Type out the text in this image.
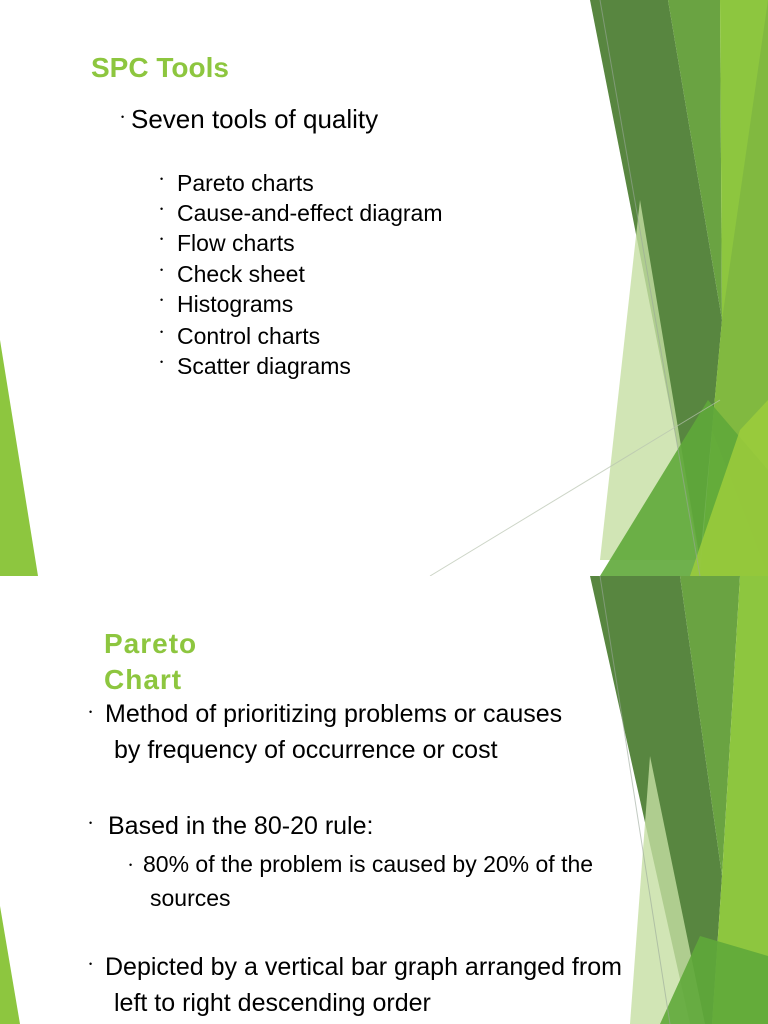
SPC Tools
• Seven tools of quality
• Pareto charts
• Cause-and-effect diagram
• Flow charts
• Check sheet
• Histograms
• Control charts
• Scatter diagrams
Pareto
Chart
• Method of prioritizing problems or causes
by frequency of occurrence or cost
• Based in the 80-20 rule:
• 80% of the problem is caused by 20% of the
sources
• Depicted by a vertical bar graph arranged from
left to right descending order
